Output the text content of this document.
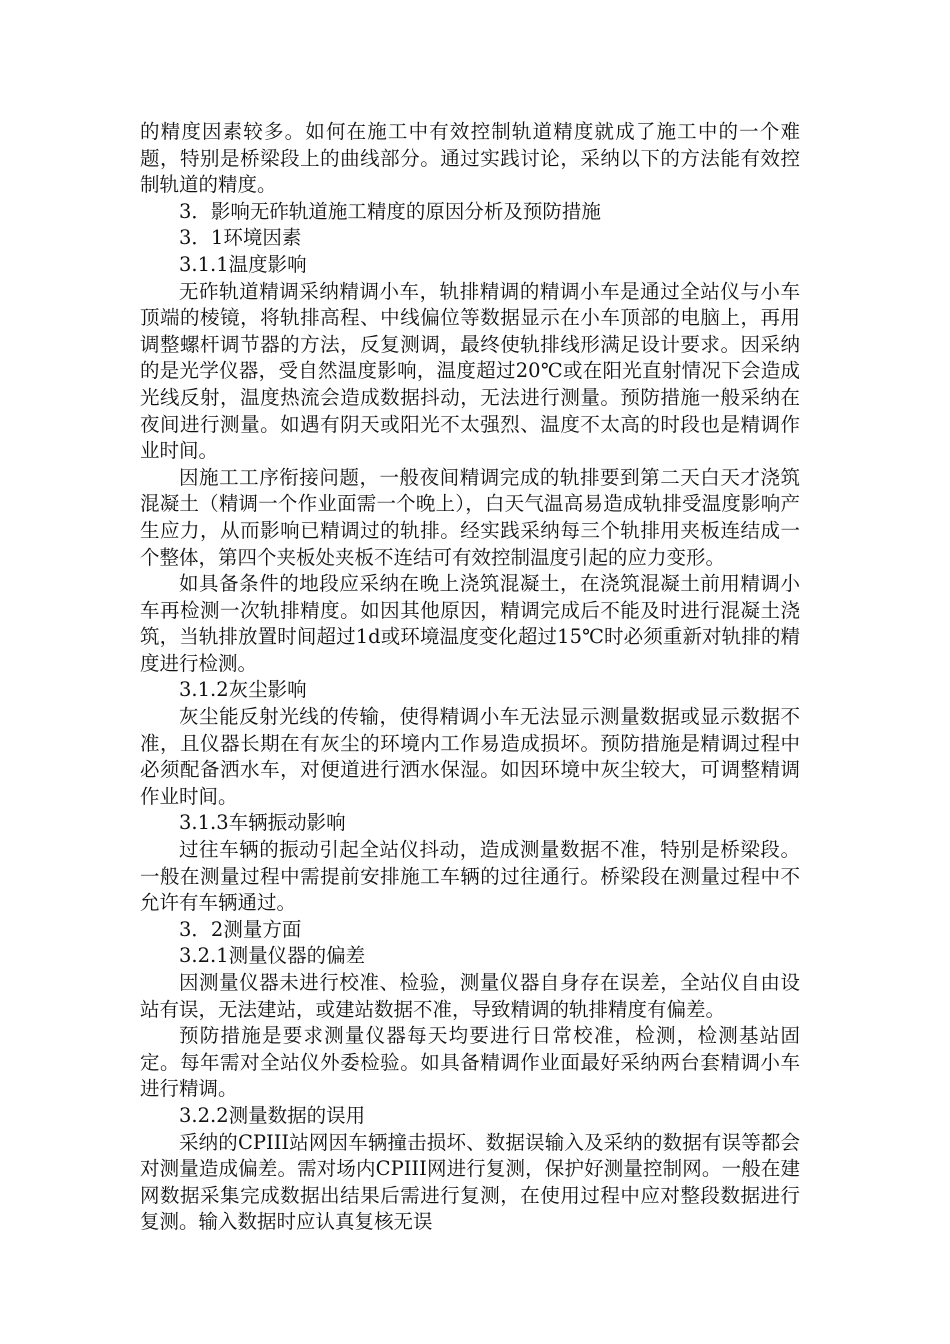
的精度因素较多。如何在施工中有效控制轨道精度就成了施工中的一个难题，特别是桥梁段上的曲线部分。通过实践讨论，采纳以下的方法能有效控制轨道的精度。

3．影响无砟轨道施工精度的原因分析及预防措施

3．1环境因素

3.1.1温度影响

无砟轨道精调采纳精调小车，轨排精调的精调小车是通过全站仪与小车顶端的棱镜，将轨排高程、中线偏位等数据显示在小车顶部的电脑上，再用调整螺杆调节器的方法，反复测调，最终使轨排线形满足设计要求。因采纳的是光学仪器，受自然温度影响，温度超过20℃或在阳光直射情况下会造成光线反射，温度热流会造成数据抖动，无法进行测量。预防措施一般采纳在夜间进行测量。如遇有阴天或阳光不太强烈、温度不太高的时段也是精调作业时间。

因施工工序衔接问题，一般夜间精调完成的轨排要到第二天白天才浇筑混凝土（精调一个作业面需一个晚上），白天气温高易造成轨排受温度影响产生应力，从而影响已精调过的轨排。经实践采纳每三个轨排用夹板连结成一个整体，第四个夹板处夹板不连结可有效控制温度引起的应力变形。

如具备条件的地段应采纳在晚上浇筑混凝土，在浇筑混凝土前用精调小车再检测一次轨排精度。如因其他原因，精调完成后不能及时进行混凝土浇筑，当轨排放置时间超过1d或环境温度变化超过15℃时必须重新对轨排的精度进行检测。

3.1.2灰尘影响

灰尘能反射光线的传输，使得精调小车无法显示测量数据或显示数据不准，且仪器长期在有灰尘的环境内工作易造成损坏。预防措施是精调过程中必须配备洒水车，对便道进行洒水保湿。如因环境中灰尘较大，可调整精调作业时间。

3.1.3车辆振动影响

过往车辆的振动引起全站仪抖动，造成测量数据不准，特别是桥梁段。一般在测量过程中需提前安排施工车辆的过往通行。桥梁段在测量过程中不允许有车辆通过。

3．2测量方面

3.2.1测量仪器的偏差

因测量仪器未进行校准、检验，测量仪器自身存在误差，全站仪自由设站有误，无法建站，或建站数据不准，导致精调的轨排精度有偏差。

预防措施是要求测量仪器每天均要进行日常校准，检测，检测基站固定。每年需对全站仪外委检验。如具备精调作业面最好采纳两台套精调小车进行精调。

3.2.2测量数据的误用

采纳的CPIII站网因车辆撞击损坏、数据误输入及采纳的数据有误等都会对测量造成偏差。需对场内CPIII网进行复测，保护好测量控制网。一般在建网数据采集完成数据出结果后需进行复测，在使用过程中应对整段数据进行复测。输入数据时应认真复核无误
